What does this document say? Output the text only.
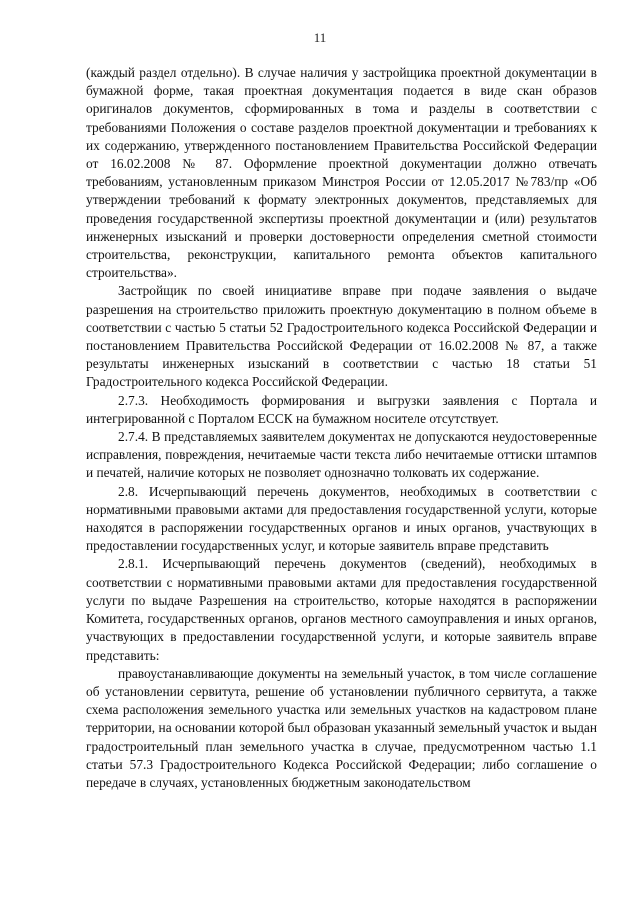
11

(каждый раздел отдельно). В случае наличия у застройщика проектной документации в бумажной форме, такая проектная документация подается в виде скан образов оригиналов документов, сформированных в тома и разделы в соответствии с требованиями Положения о составе разделов проектной документации и требованиях к их содержанию, утвержденного постановлением Правительства Российской Федерации от 16.02.2008 № 87. Оформление проектной документации должно отвечать требованиям, установленным приказом Минстроя России от 12.05.2017 №783/пр «Об утверждении требований к формату электронных документов, представляемых для проведения государственной экспертизы проектной документации и (или) результатов инженерных изысканий и проверки достоверности определения сметной стоимости строительства, реконструкции, капитального ремонта объектов капитального строительства».

Застройщик по своей инициативе вправе при подаче заявления о выдаче разрешения на строительство приложить проектную документацию в полном объеме в соответствии с частью 5 статьи 52 Градостроительного кодекса Российской Федерации и постановлением Правительства Российской Федерации от 16.02.2008 № 87, а также результаты инженерных изысканий в соответствии с частью 18 статьи 51 Градостроительного кодекса Российской Федерации.

2.7.3. Необходимость формирования и выгрузки заявления с Портала и интегрированной с Порталом ЕССК на бумажном носителе отсутствует.

2.7.4. В представляемых заявителем документах не допускаются неудостоверенные исправления, повреждения, нечитаемые части текста либо нечитаемые оттиски штампов и печатей, наличие которых не позволяет однозначно толковать их содержание.

2.8. Исчерпывающий перечень документов, необходимых в соответствии с нормативными правовыми актами для предоставления государственной услуги, которые находятся в распоряжении государственных органов и иных органов, участвующих в предоставлении государственных услуг, и которые заявитель вправе представить

2.8.1. Исчерпывающий перечень документов (сведений), необходимых в соответствии с нормативными правовыми актами для предоставления государственной услуги по выдаче Разрешения на строительство, которые находятся в распоряжении Комитета, государственных органов, органов местного самоуправления и иных органов, участвующих в предоставлении государственной услуги, и которые заявитель вправе представить:

правоустанавливающие документы на земельный участок, в том числе соглашение об установлении сервитута, решение об установлении публичного сервитута, а также схема расположения земельного участка или земельных участков на кадастровом плане территории, на основании которой был образован указанный земельный участок и выдан градостроительный план земельного участка в случае, предусмотренном частью 1.1 статьи 57.3 Градостроительного Кодекса Российской Федерации; либо соглашение о передаче в случаях, установленных бюджетным законодательством
